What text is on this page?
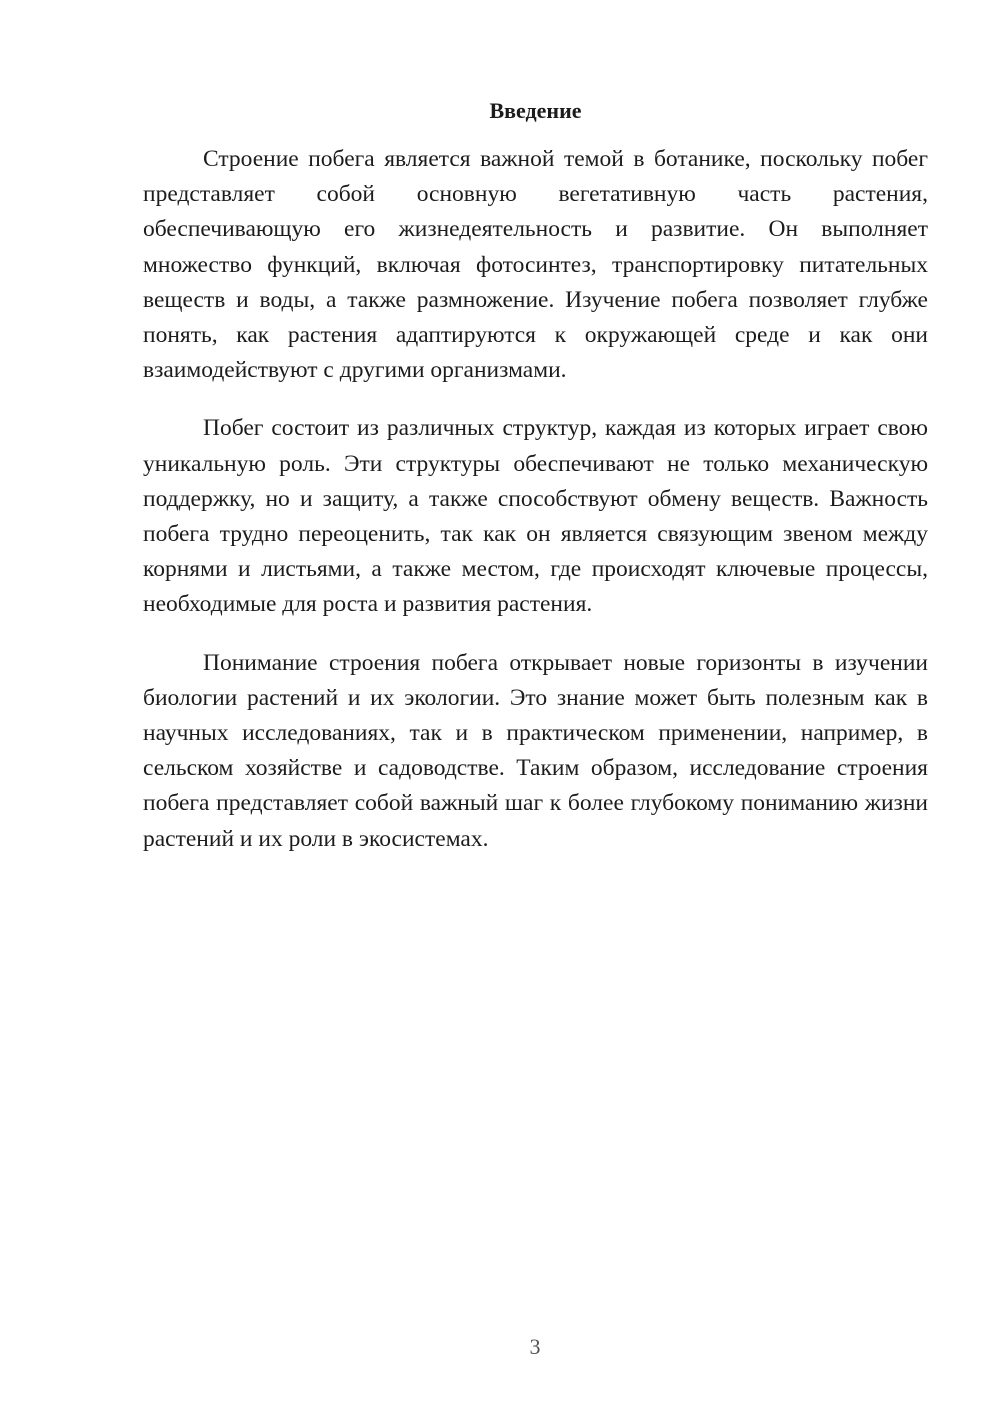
Введение

Строение побега является важной темой в ботанике, поскольку побег представляет собой основную вегетативную часть растения, обеспечивающую его жизнедеятельность и развитие. Он выполняет множество функций, включая фотосинтез, транспортировку питательных веществ и воды, а также размножение. Изучение побега позволяет глубже понять, как растения адаптируются к окружающей среде и как они взаимодействуют с другими организмами.

Побег состоит из различных структур, каждая из которых играет свою уникальную роль. Эти структуры обеспечивают не только механическую поддержку, но и защиту, а также способствуют обмену веществ. Важность побега трудно переоценить, так как он является связующим звеном между корнями и листьями, а также местом, где происходят ключевые процессы, необходимые для роста и развития растения.

Понимание строения побега открывает новые горизонты в изучении биологии растений и их экологии. Это знание может быть полезным как в научных исследованиях, так и в практическом применении, например, в сельском хозяйстве и садоводстве. Таким образом, исследование строения побега представляет собой важный шаг к более глубокому пониманию жизни растений и их роли в экосистемах.

3
